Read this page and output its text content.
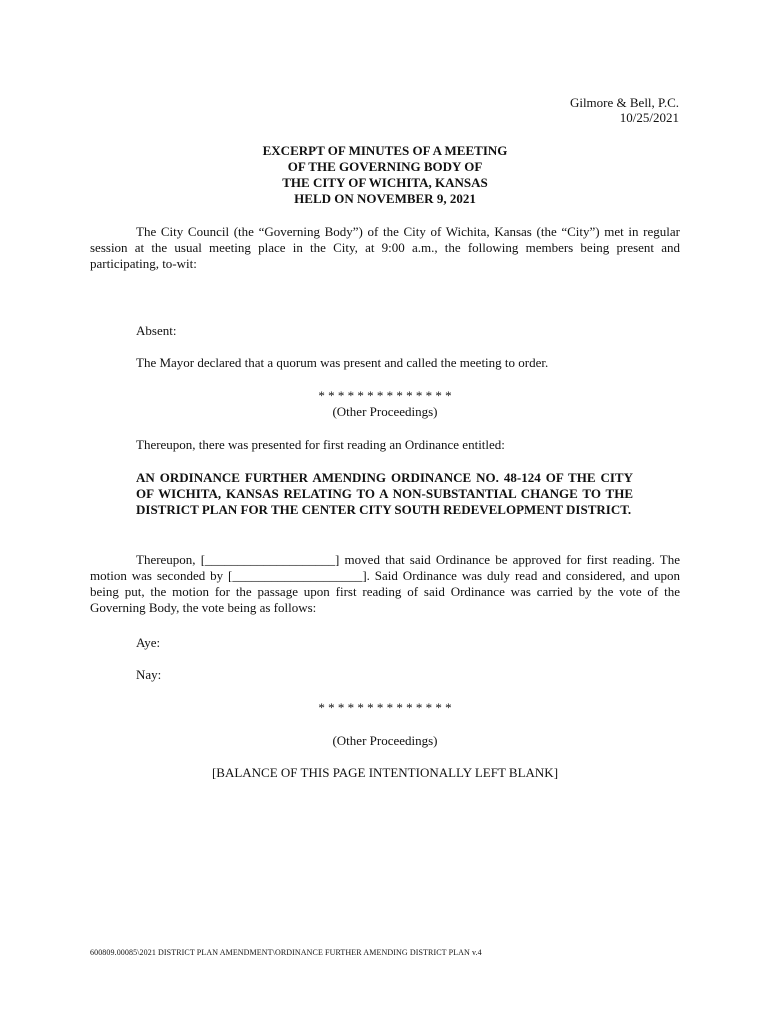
Gilmore & Bell, P.C.
10/25/2021
EXCERPT OF MINUTES OF A MEETING
OF THE GOVERNING BODY OF
THE CITY OF WICHITA, KANSAS
HELD ON NOVEMBER 9, 2021

The City Council (the “Governing Body”) of the City of Wichita, Kansas (the “City”) met in regular session at the usual meeting place in the City, at 9:00 a.m., the following members being present and participating, to-wit:

Absent:
The Mayor declared that a quorum was present and called the meeting to order.
* * * * * * * * * * * * * *
(Other Proceedings)
Thereupon, there was presented for first reading an Ordinance entitled:
AN ORDINANCE FURTHER AMENDING ORDINANCE NO. 48-124 OF THE CITY OF WICHITA, KANSAS RELATING TO A NON-SUBSTANTIAL CHANGE TO THE DISTRICT PLAN FOR THE CENTER CITY SOUTH REDEVELOPMENT DISTRICT.

Thereupon, [____________________] moved that said Ordinance be approved for first reading. The motion was seconded by [____________________]. Said Ordinance was duly read and considered, and upon being put, the motion for the passage upon first reading of said Ordinance was carried by the vote of the Governing Body, the vote being as follows:

Aye:
Nay:
* * * * * * * * * * * * * *
(Other Proceedings)
[BALANCE OF THIS PAGE INTENTIONALLY LEFT BLANK]
600809.00085\2021 DISTRICT PLAN AMENDMENT\ORDINANCE FURTHER AMENDING DISTRICT PLAN v.4
